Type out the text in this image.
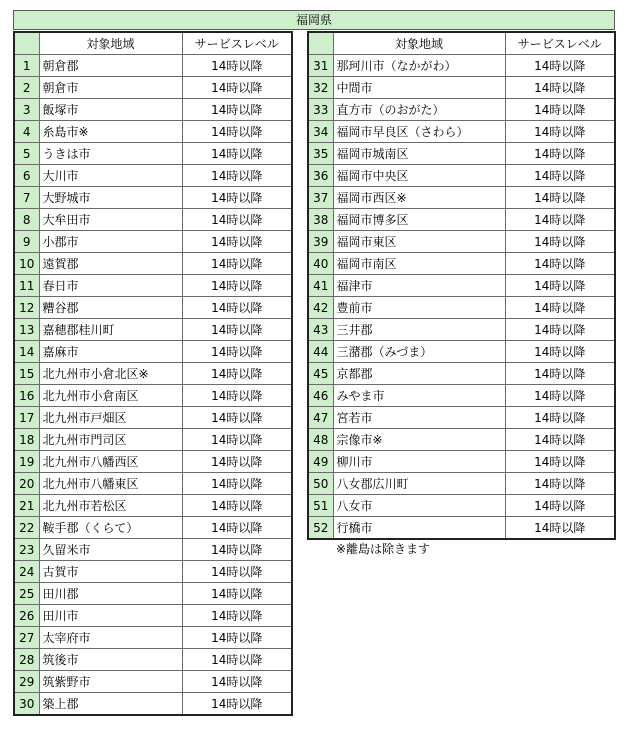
福岡県
	対象地域	サービスレベル
1	朝倉郡	14時以降
2	朝倉市	14時以降
3	飯塚市	14時以降
4	糸島市※	14時以降
5	うきは市	14時以降
6	大川市	14時以降
7	大野城市	14時以降
8	大牟田市	14時以降
9	小郡市	14時以降
10	遠賀郡	14時以降
11	春日市	14時以降
12	糟谷郡	14時以降
13	嘉穂郡桂川町	14時以降
14	嘉麻市	14時以降
15	北九州市小倉北区※	14時以降
16	北九州市小倉南区	14時以降
17	北九州市戸畑区	14時以降
18	北九州市門司区	14時以降
19	北九州市八幡西区	14時以降
20	北九州市八幡東区	14時以降
21	北九州市若松区	14時以降
22	鞍手郡（くらて）	14時以降
23	久留米市	14時以降
24	古賀市	14時以降
25	田川郡	14時以降
26	田川市	14時以降
27	太宰府市	14時以降
28	筑後市	14時以降
29	筑紫野市	14時以降
30	築上郡	14時以降
	対象地域	サービスレベル
31	那珂川市（なかがわ）	14時以降
32	中間市	14時以降
33	直方市（のおがた）	14時以降
34	福岡市早良区（さわら）	14時以降
35	福岡市城南区	14時以降
36	福岡市中央区	14時以降
37	福岡市西区※	14時以降
38	福岡市博多区	14時以降
39	福岡市東区	14時以降
40	福岡市南区	14時以降
41	福津市	14時以降
42	豊前市	14時以降
43	三井郡	14時以降
44	三潴郡（みづま）	14時以降
45	京都郡	14時以降
46	みやま市	14時以降
47	宮若市	14時以降
48	宗像市※	14時以降
49	柳川市	14時以降
50	八女郡広川町	14時以降
51	八女市	14時以降
52	行橋市	14時以降
※離島は除きます
